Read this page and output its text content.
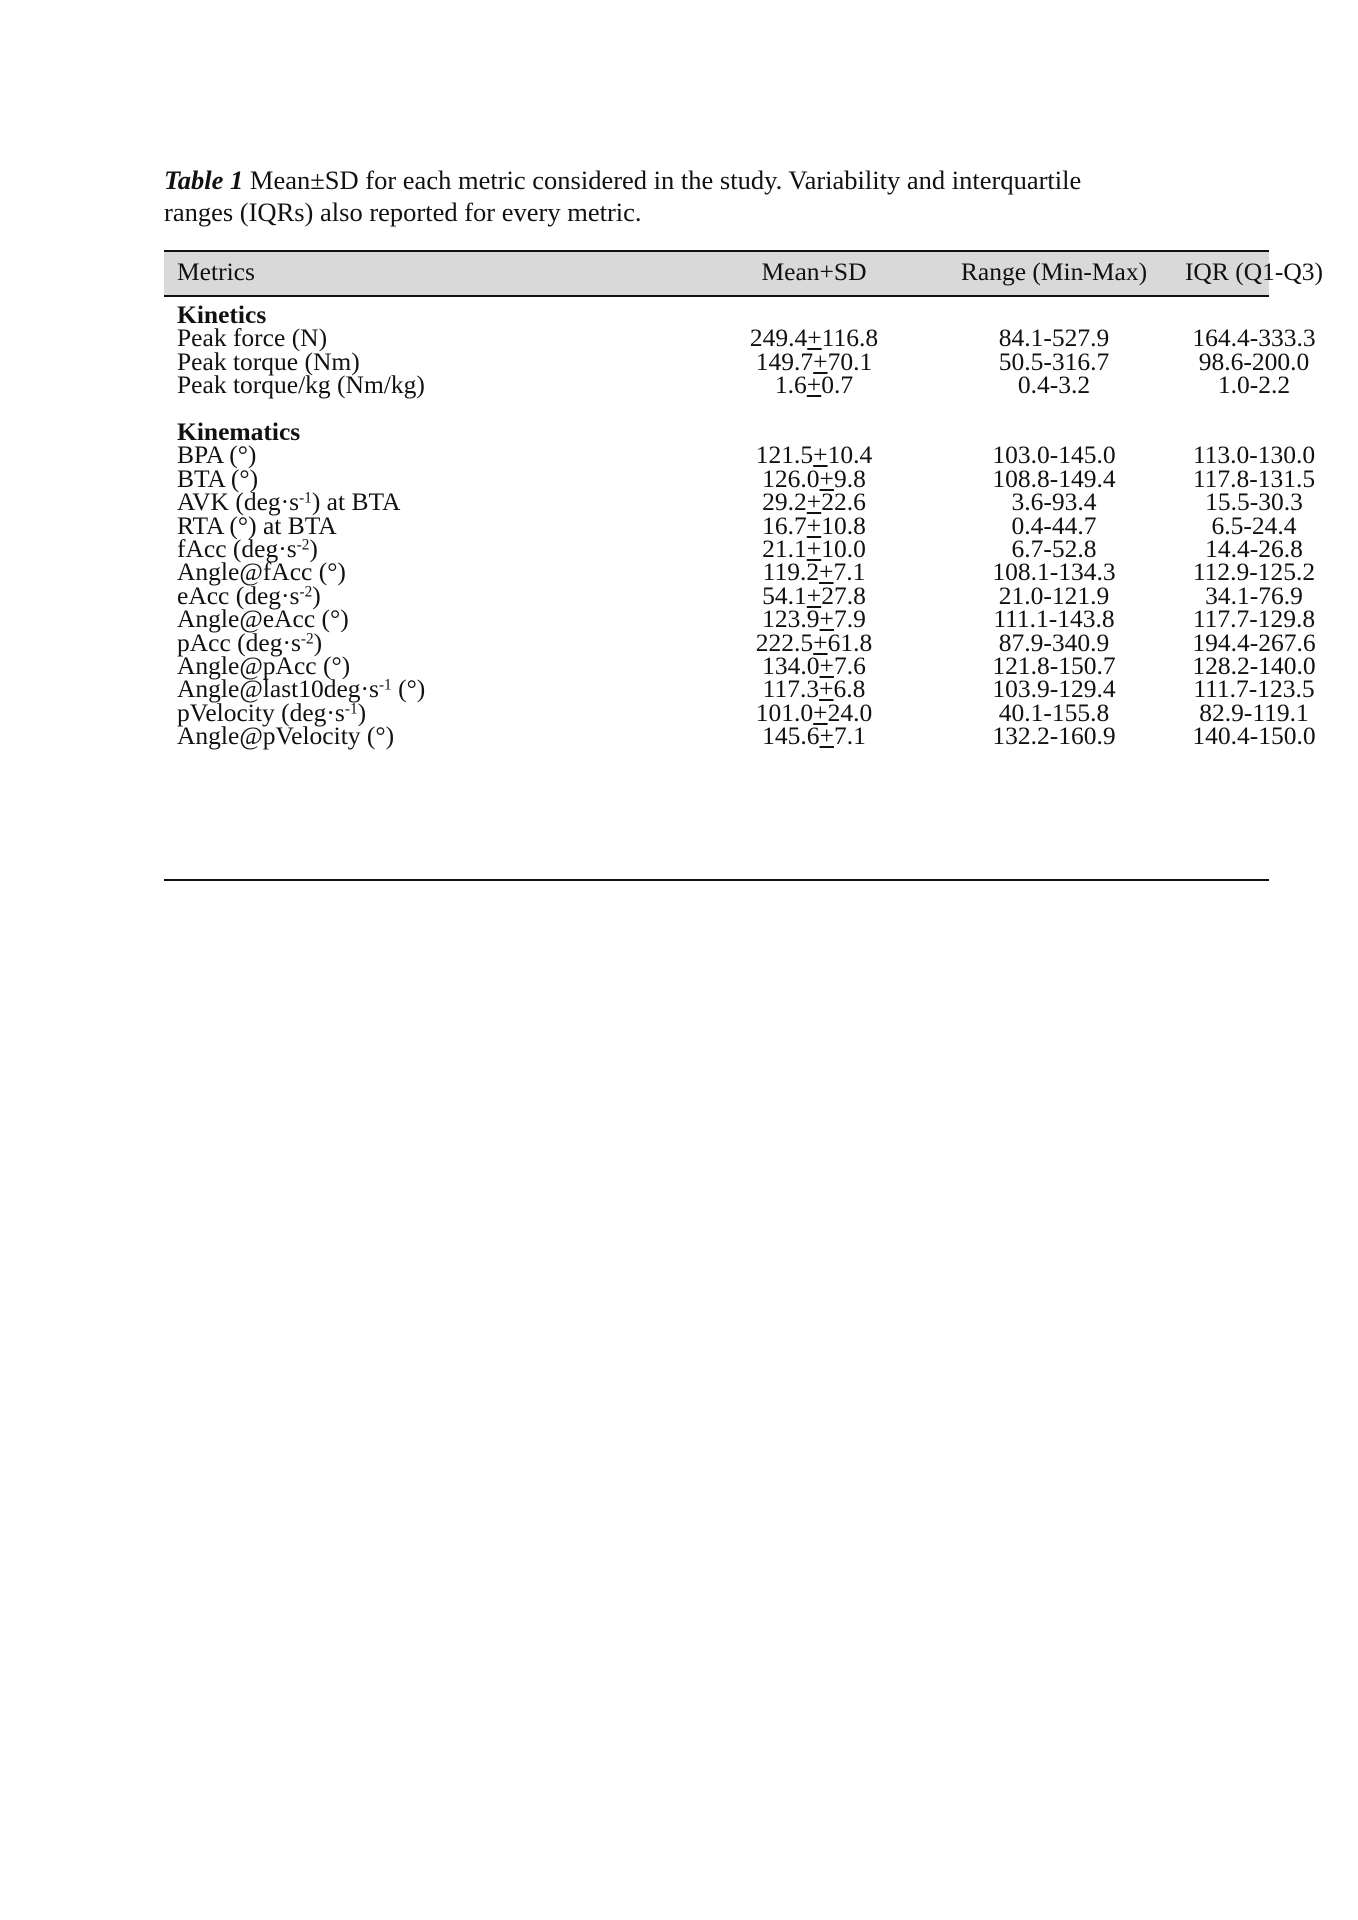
Table 1 Mean±SD for each metric considered in the study. Variability and interquartile
ranges (IQRs) also reported for every metric.
Metrics	Mean+SD	Range (Min-Max)	IQR (Q1-Q3)
Kinetics
Peak force (N)	249.4+116.8	84.1-527.9	164.4-333.3
Peak torque (Nm)	149.7+70.1	50.5-316.7	98.6-200.0
Peak torque/kg (Nm/kg)	1.6+0.7	0.4-3.2	1.0-2.2
Kinematics
BPA (°)	121.5+10.4	103.0-145.0	113.0-130.0
BTA (°)	126.0+9.8	108.8-149.4	117.8-131.5
AVK $(deg\cdot s^{-1})$ at BTA	29.2+22.6	3.6-93.4	15.5-30.3
RTA (°) at BTA	16.7+10.8	0.4-44.7	6.5-24.4
fAcc $(deg\cdot s^{-2})$	21.1+10.0	6.7-52.8	14.4-26.8
Angle@fAcc (°)	119.2+7.1	108.1-134.3	112.9-125.2
eAcc $(deg\cdot s^{-2})$	54.1+27.8	21.0-121.9	34.1-76.9
Angle@eAcc (°)	123.9+7.9	111.1-143.8	117.7-129.8
pAcc $(deg\cdot s^{-2})$	222.5+61.8	87.9-340.9	194.4-267.6
Angle@pAcc (°)	134.0+7.6	121.8-150.7	128.2-140.0
$Angle@last10deg\cdot s^{-1}$ (°)	117.3+6.8	103.9-129.4	111.7-123.5
pVelocity $(deg\cdot s^{-1})$	101.0+24.0	40.1-155.8	82.9-119.1
Angle@pVelocity (°)	145.6+7.1	132.2-160.9	140.4-150.0
